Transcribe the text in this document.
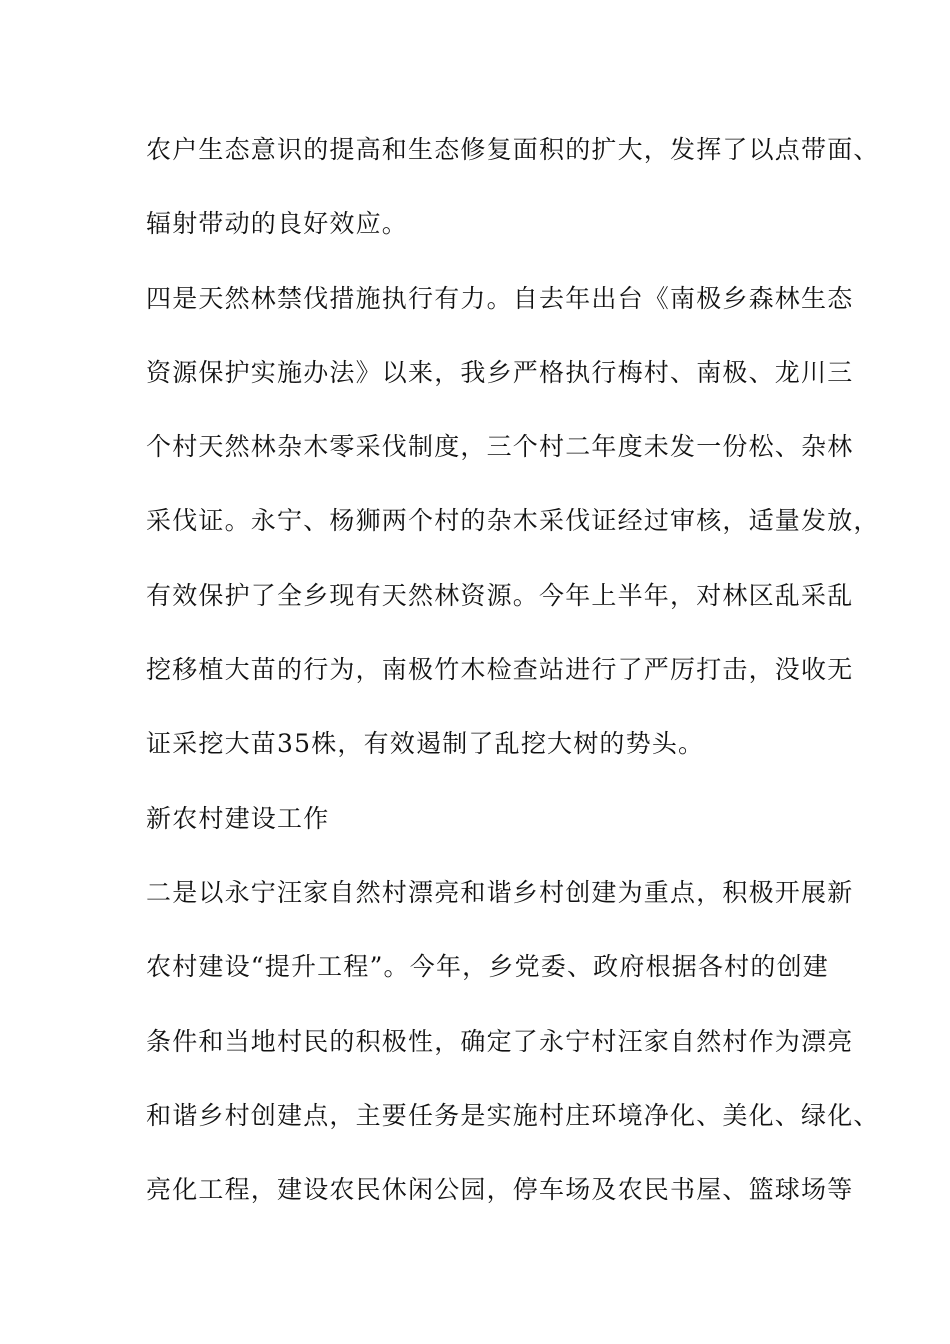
农户生态意识的提高和生态修复面积的扩大，发挥了以点带面、
辐射带动的良好效应。
四是天然林禁伐措施执行有力。自去年出台《南极乡森林生态
资源保护实施办法》以来，我乡严格执行梅村、南极、龙川三
个村天然林杂木零采伐制度，三个村二年度未发一份松、杂林
采伐证。永宁、杨狮两个村的杂木采伐证经过审核，适量发放，
有效保护了全乡现有天然林资源。今年上半年，对林区乱采乱
挖移植大苗的行为，南极竹木检查站进行了严厉打击，没收无
证采挖大苗35株，有效遏制了乱挖大树的势头。
新农村建设工作
二是以永宁汪家自然村漂亮和谐乡村创建为重点，积极开展新
农村建设“提升工程”。今年，乡党委、政府根据各村的创建
条件和当地村民的积极性，确定了永宁村汪家自然村作为漂亮
和谐乡村创建点，主要任务是实施村庄环境净化、美化、绿化、
亮化工程，建设农民休闲公园，停车场及农民书屋、篮球场等
